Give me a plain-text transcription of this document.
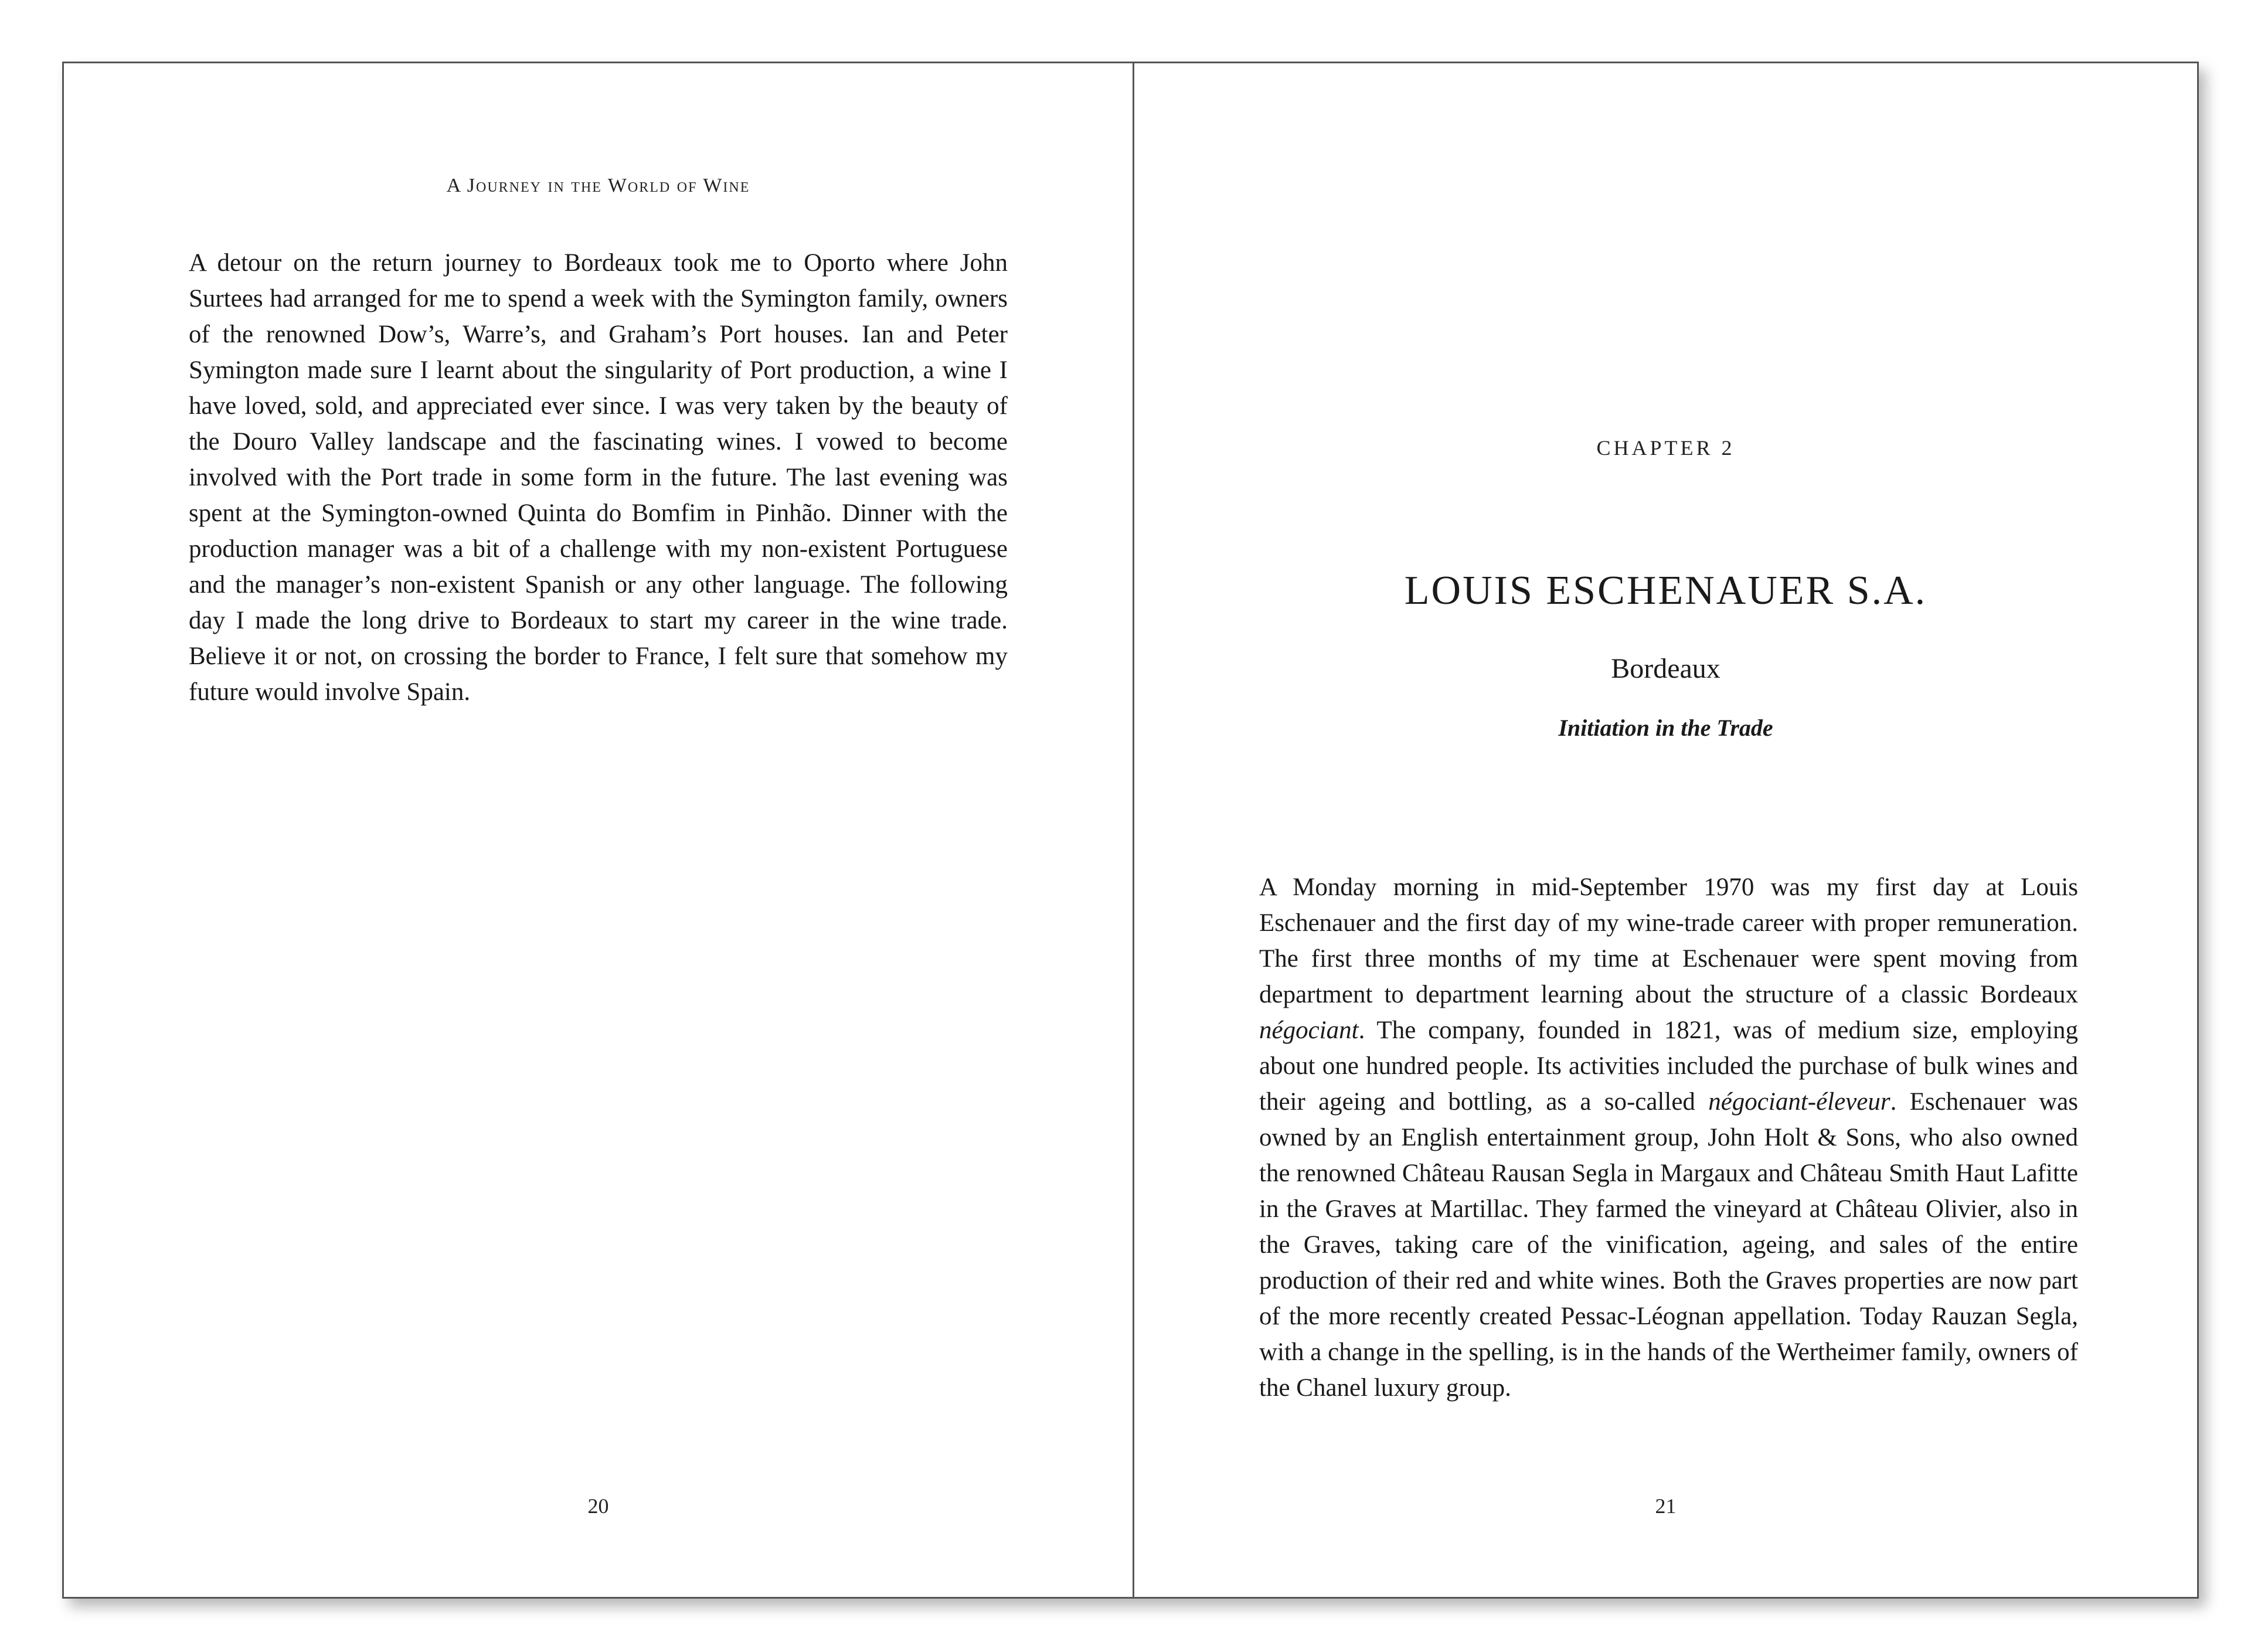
A Journey in the World of Wine

A detour on the return journey to Bordeaux took me to Oporto where John Surtees had arranged for me to spend a week with the Symington family, owners of the renowned Dow’s, Warre’s, and Graham’s Port houses. Ian and Peter Symington made sure I learnt about the singularity of Port production, a wine I have loved, sold, and appreciated ever since. I was very taken by the beauty of the Douro Valley landscape and the fascinating wines. I vowed to become involved with the Port trade in some form in the future. The last evening was spent at the Symington-owned Quinta do Bomfim in Pinhão. Dinner with the production manager was a bit of a challenge with my non-existent Portuguese and the manager’s non-existent Spanish or any other language. The following day I made the long drive to Bordeaux to start my career in the wine trade. Believe it or not, on crossing the border to France, I felt sure that somehow my future would involve Spain.

20
CHAPTER 2
LOUIS ESCHENAUER S.A.
Bordeaux
Initiation in the Trade

A Monday morning in mid-September 1970 was my first day at Louis Eschenauer and the first day of my wine-trade career with proper remuneration. The first three months of my time at Eschenauer were spent moving from department to department learning about the structure of a classic Bordeaux négociant. The company, founded in 1821, was of medium size, employing about one hundred people. Its activities included the purchase of bulk wines and their ageing and bottling, as a so-called négociant-éleveur. Eschenauer was owned by an English entertainment group, John Holt & Sons, who also owned the renowned Château Rausan Segla in Margaux and Château Smith Haut Lafitte in the Graves at Martillac. They farmed the vineyard at Château Olivier, also in the Graves, taking care of the vinification, ageing, and sales of the entire production of their red and white wines. Both the Graves properties are now part of the more recently created Pessac-Léognan appellation. Today Rauzan Segla, with a change in the spelling, is in the hands of the Wertheimer family, owners of the Chanel luxury group.

21
